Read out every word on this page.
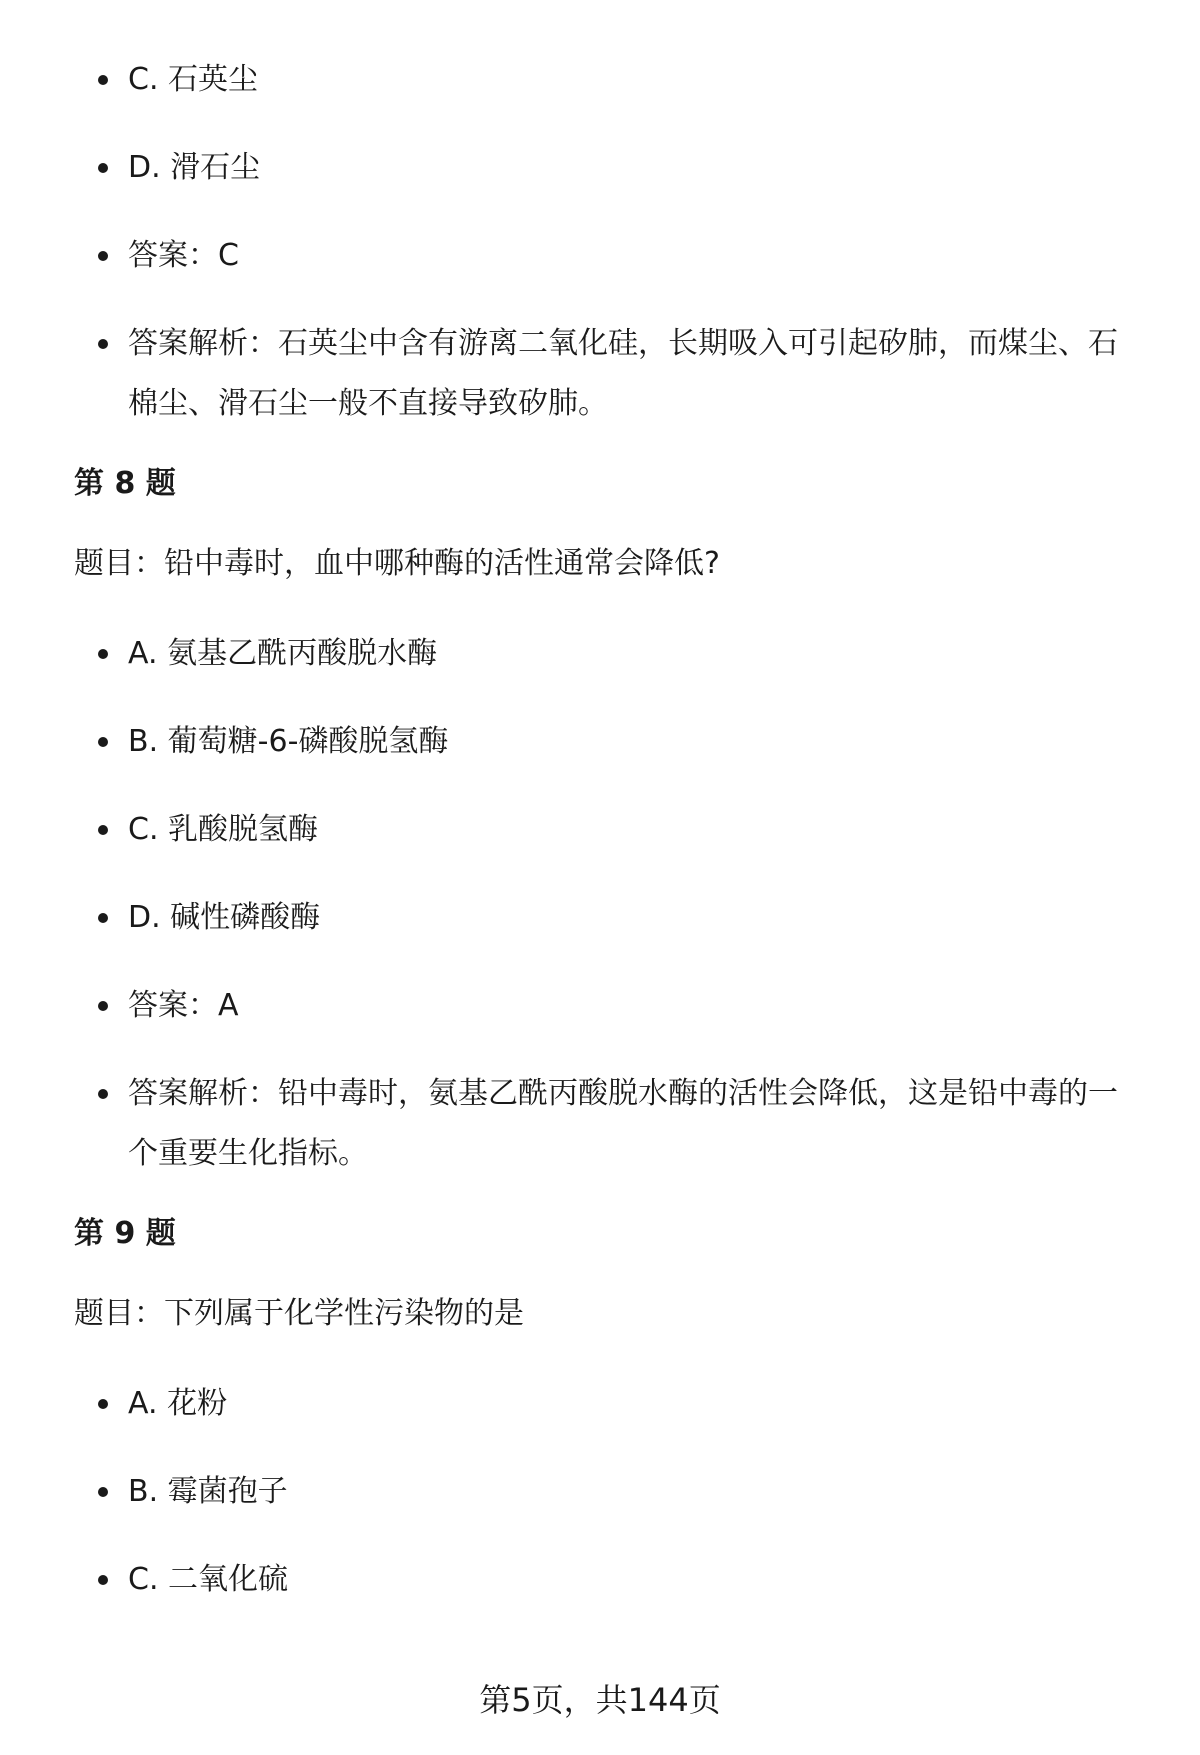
C. 石英尘
D. 滑石尘
答案：C
答案解析：石英尘中含有游离二氧化硅，长期吸入可引起矽肺，而煤尘、石棉尘、滑石尘一般不直接导致矽肺。
第 8 题
题目：铅中毒时，血中哪种酶的活性通常会降低?
A. 氨基乙酰丙酸脱水酶
B. 葡萄糖-6-磷酸脱氢酶
C. 乳酸脱氢酶
D. 碱性磷酸酶
答案：A
答案解析：铅中毒时，氨基乙酰丙酸脱水酶的活性会降低，这是铅中毒的一个重要生化指标。
第 9 题
题目：下列属于化学性污染物的是
A. 花粉
B. 霉菌孢子
C. 二氧化硫
第5页，共144页
